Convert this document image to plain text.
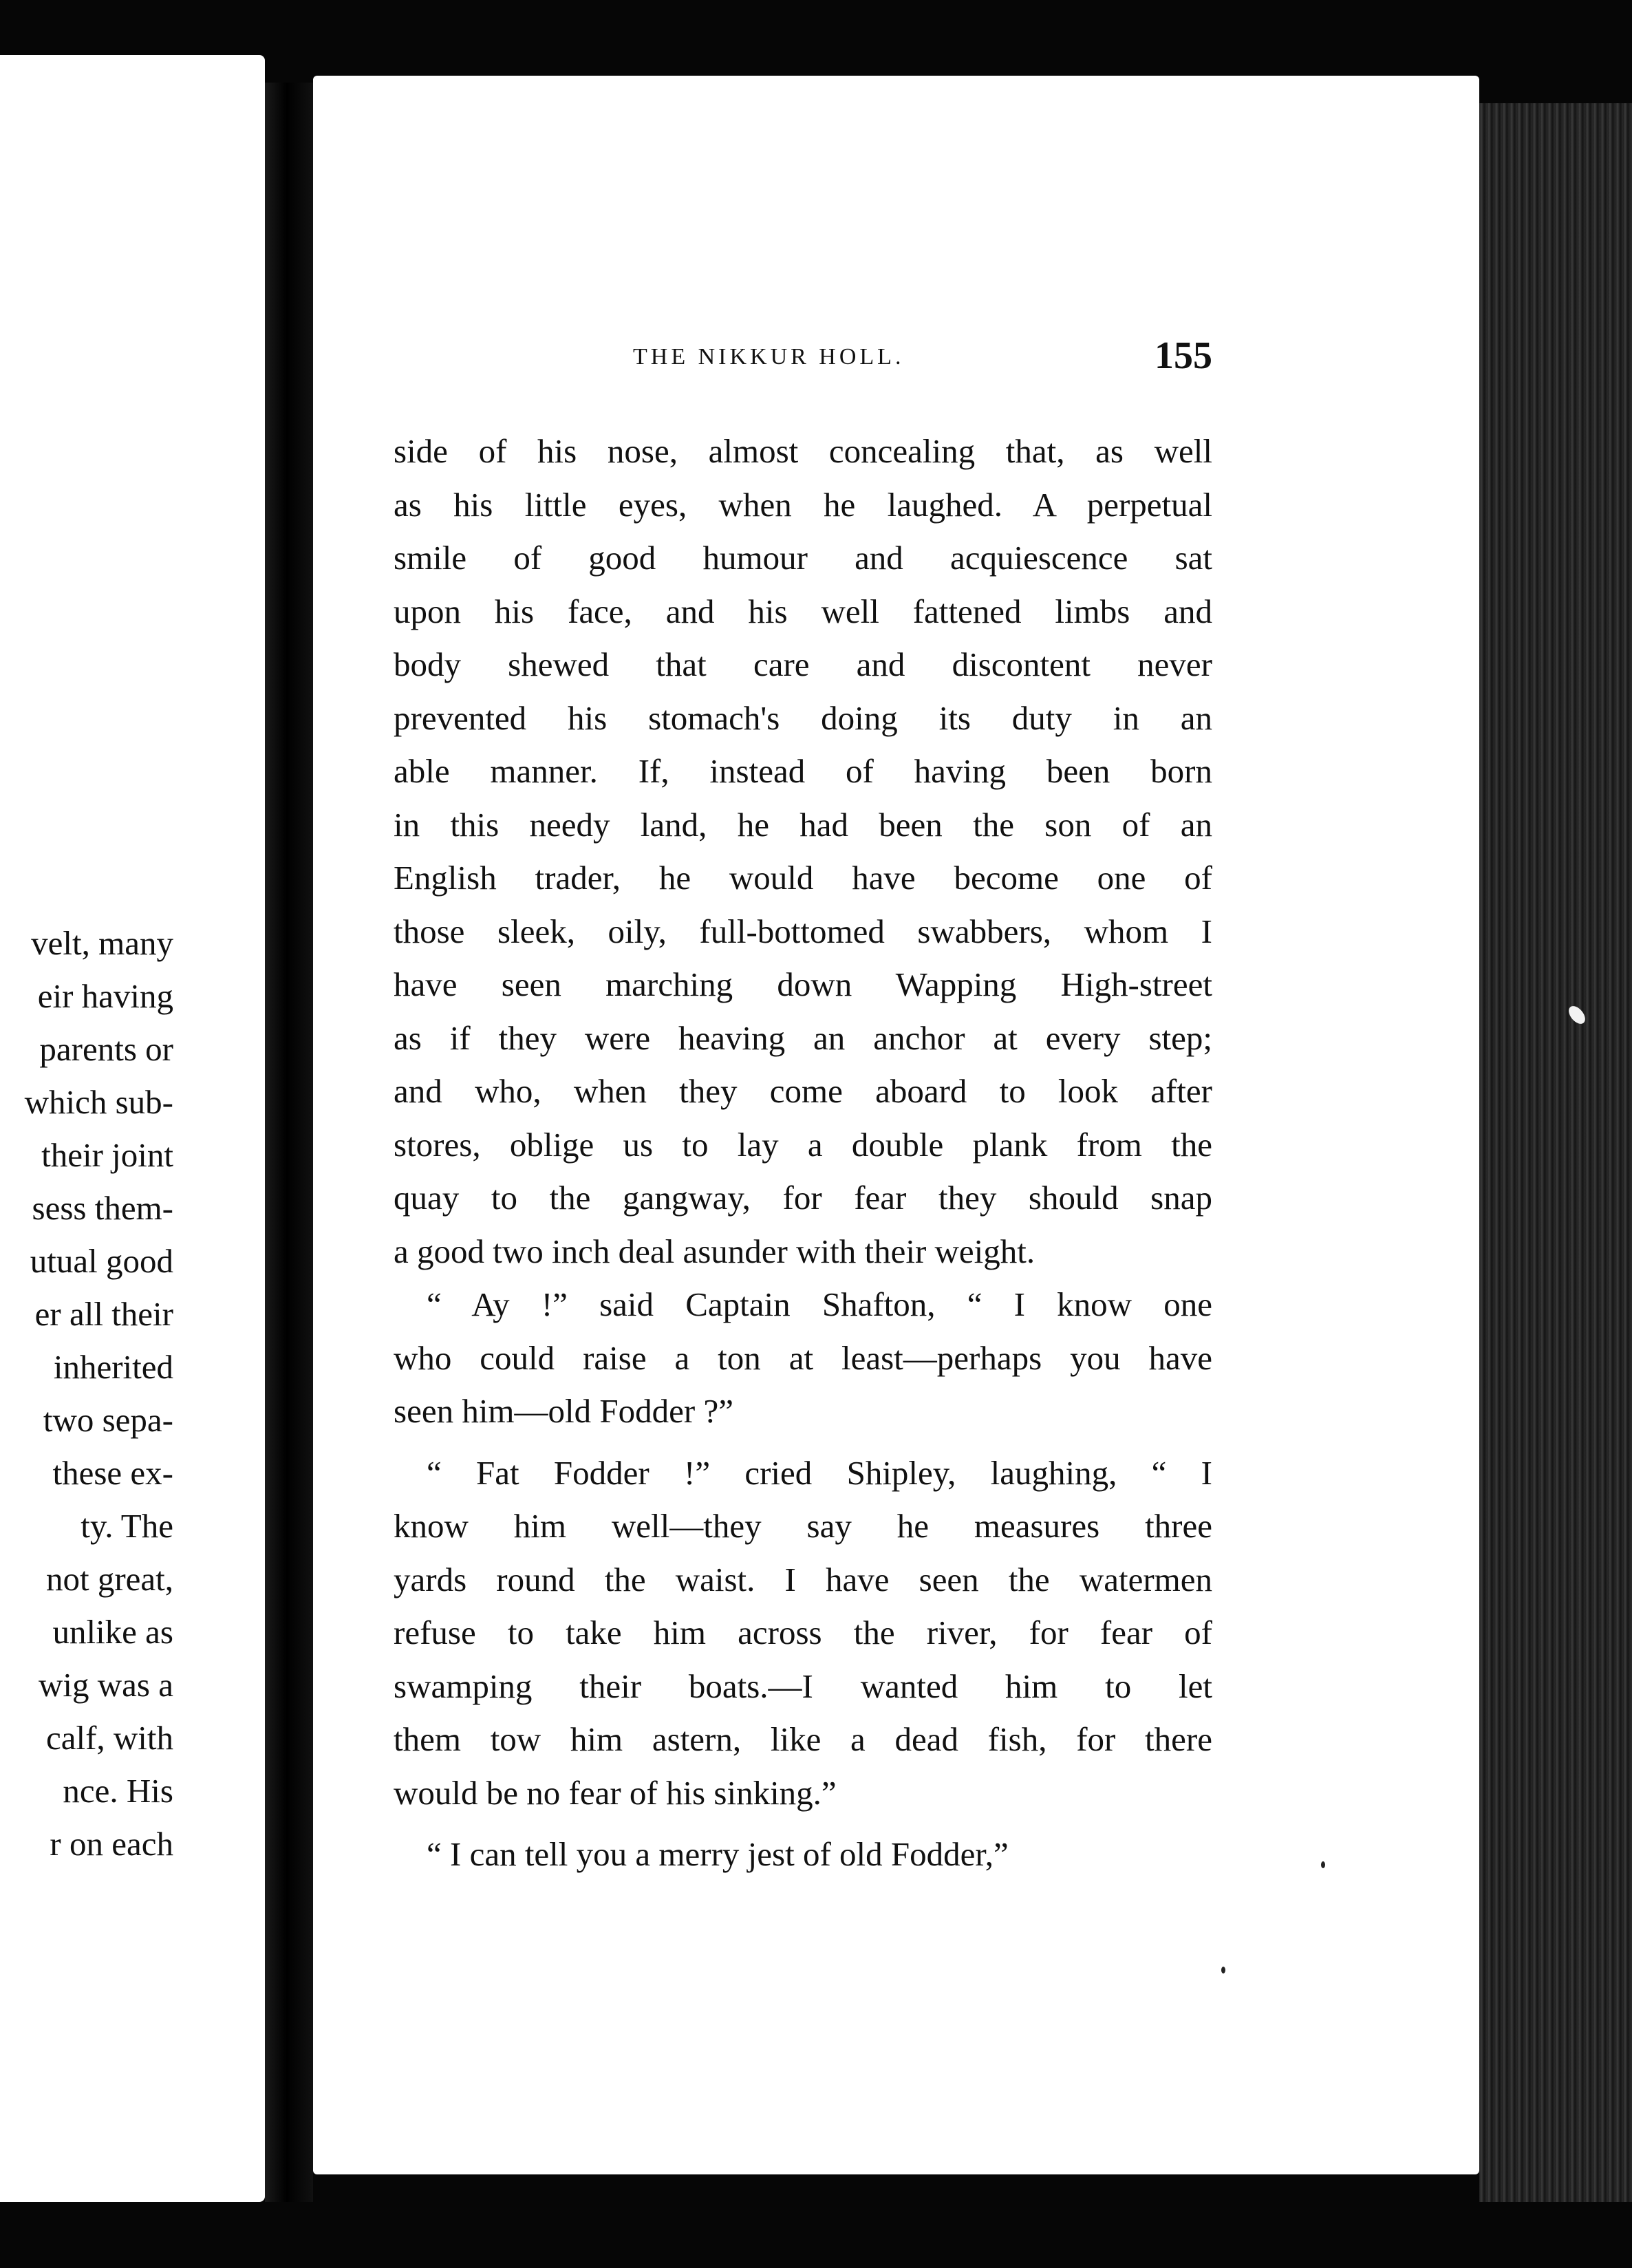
velt, many
eir having
parents or
which sub-
their joint
sess them-
utual good
er all their
inherited
two sepa-
these ex-
ty. The
not great,
unlike as
wig was a
calf, with
nce. His
r on each
THE NIKKUR HOLL.	155
side of his nose, almost concealing that, as well
as his little eyes, when he laughed. A perpetual
smile of good humour and acquiescence sat
upon his face, and his well fattened limbs and
body shewed that care and discontent never
prevented his stomach's doing its duty in an
able manner. If, instead of having been born
in this needy land, he had been the son of an
English trader, he would have become one of
those sleek, oily, full-bottomed swabbers, whom I
have seen marching down Wapping High-street
as if they were heaving an anchor at every step;
and who, when they come aboard to look after
stores, oblige us to lay a double plank from the
quay to the gangway, for fear they should snap
a good two inch deal asunder with their weight.
“ Ay !” said Captain Shafton, “ I know one
who could raise a ton at least—perhaps you have
seen him—old Fodder ?”
“ Fat Fodder !” cried Shipley, laughing, “ I
know him well—they say he measures three
yards round the waist. I have seen the watermen
refuse to take him across the river, for fear of
swamping their boats.—I wanted him to let
them tow him astern, like a dead fish, for there
would be no fear of his sinking.”
“ I can tell you a merry jest of old Fodder,”
